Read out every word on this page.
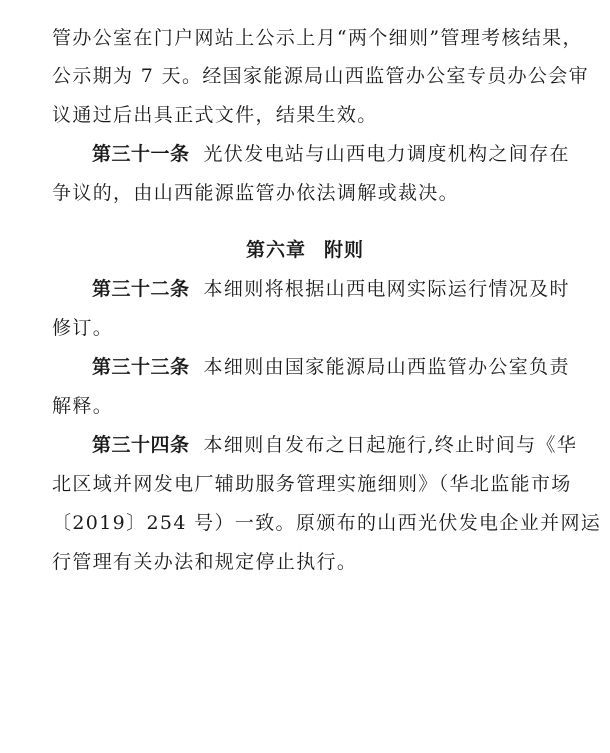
管办公室在门户网站上公示上月“两个细则”管理考核结果，
公示期为 7 天。经国家能源局山西监管办公室专员办公会审
议通过后出具正式文件，结果生效。
第三十一条 光伏发电站与山西电力调度机构之间存在
争议的，由山西能源监管办依法调解或裁决。
第六章 附则
第三十二条 本细则将根据山西电网实际运行情况及时
修订。
第三十三条 本细则由国家能源局山西监管办公室负责
解释。
第三十四条 本细则自发布之日起施行,终止时间与《华
北区域并网发电厂辅助服务管理实施细则》（华北监能市场
〔2019〕254 号）一致。原颁布的山西光伏发电企业并网运
行管理有关办法和规定停止执行。
